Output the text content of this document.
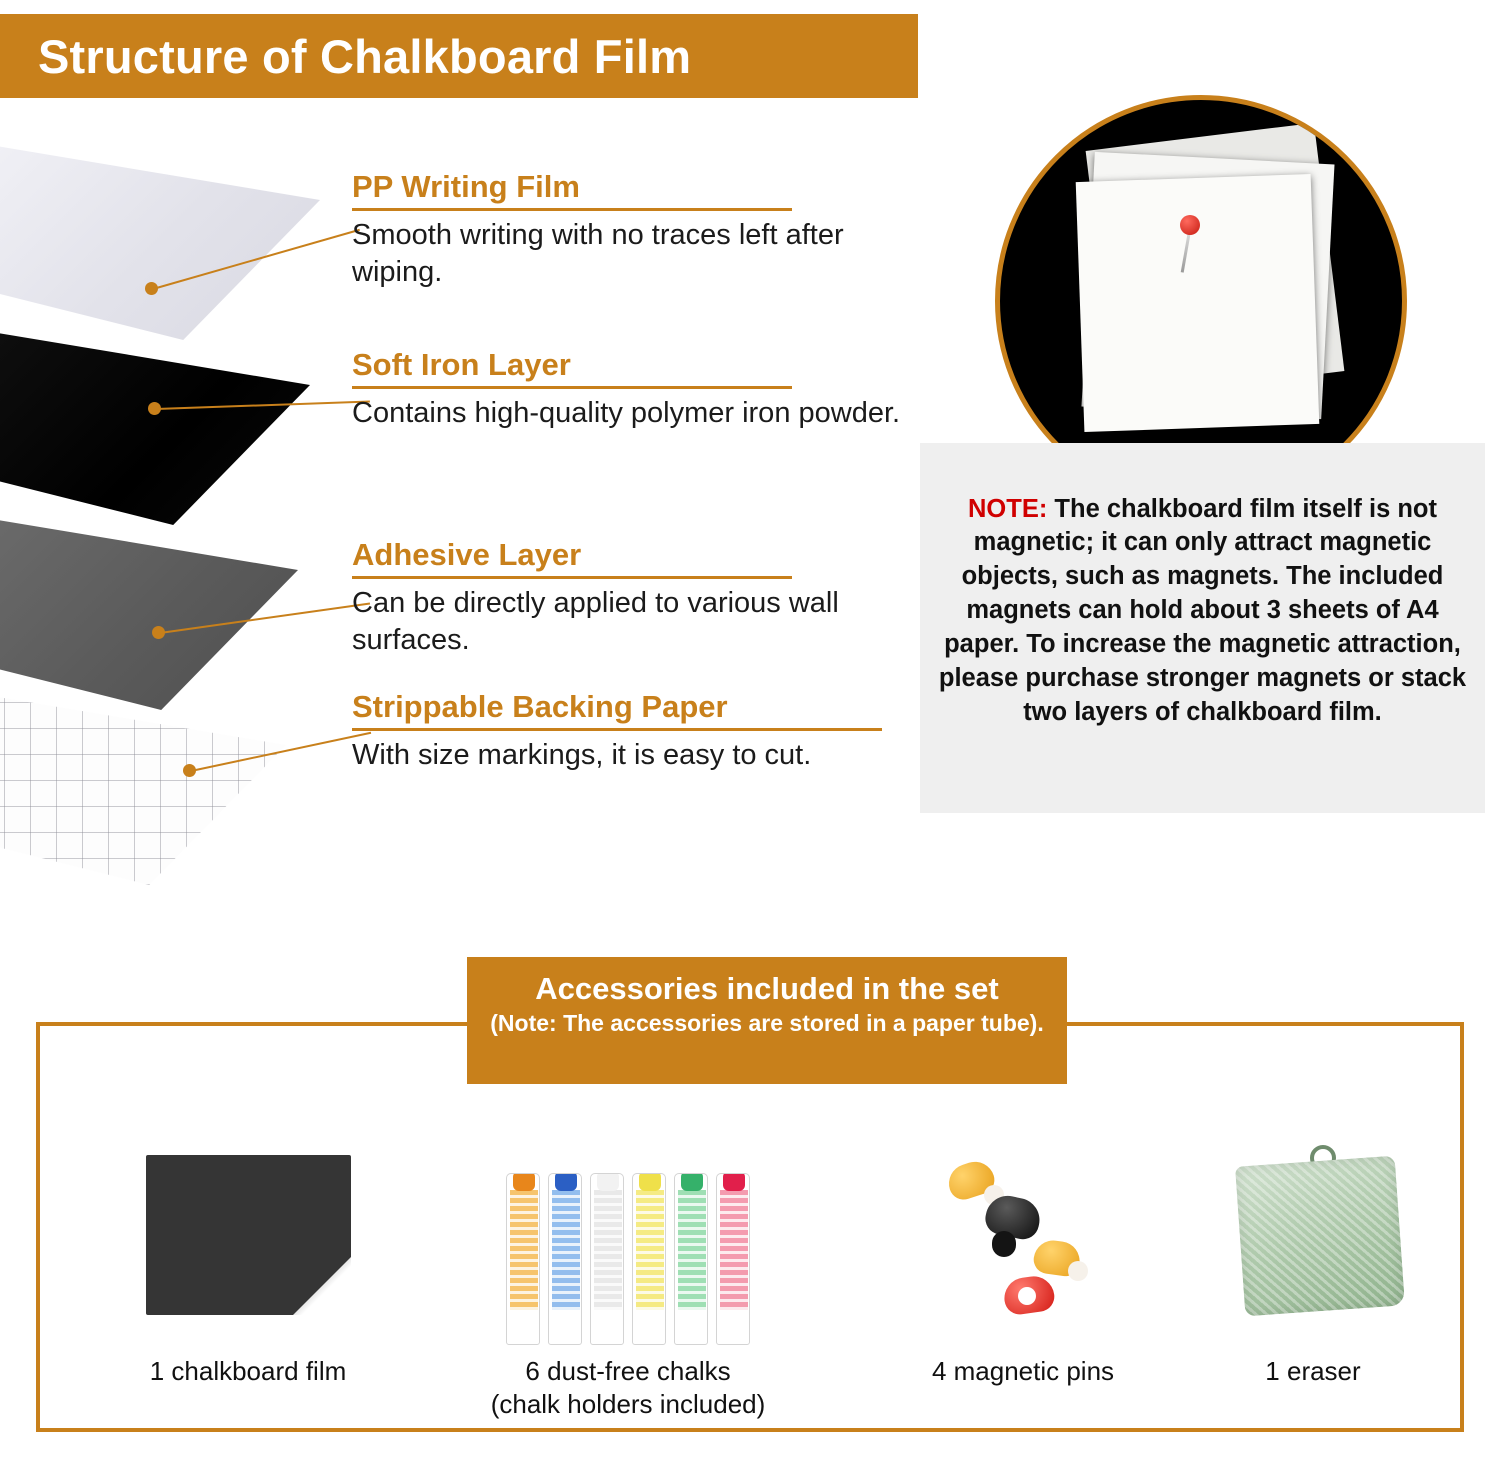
Structure of Chalkboard Film
PP Writing Film
Smooth writing with no traces left after wiping.
Soft Iron Layer
Contains high-quality polymer iron powder.
Adhesive Layer
Can be directly applied to various wall surfaces.
Strippable Backing Paper
With size markings, it is easy to cut.

NOTE: The chalkboard film itself is not magnetic; it can only attract magnetic objects, such as magnets. The included magnets can hold about 3 sheets of A4 paper. To increase the magnetic attraction, please purchase stronger magnets or stack two layers of chalkboard film.

Accessories included in the set
(Note: The accessories are stored in a paper tube).
1 chalkboard film	6 dust-free chalks
(chalk holders included)
4 magnetic pins	1 eraser
